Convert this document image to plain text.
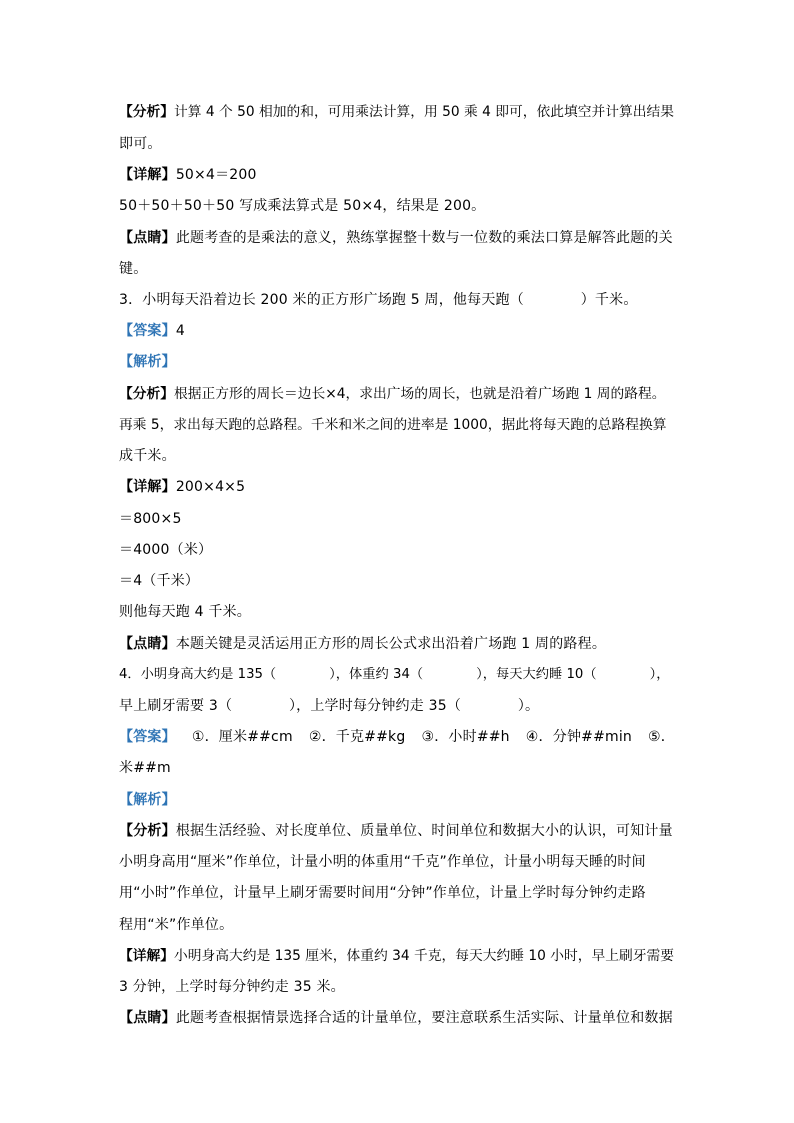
【分析】计算 4 个 50 相加的和，可用乘法计算，用 50 乘 4 即可，依此填空并计算出结果
即可。
【详解】50×4＝200
50＋50＋50＋50 写成乘法算式是 50×4，结果是 200。
【点睛】此题考查的是乘法的意义，熟练掌握整十数与一位数的乘法口算是解答此题的关
键。
3．小明每天沿着边长 200 米的正方形广场跑 5 周，他每天跑（　　　　）千米。
【答案】4
【解析】
【分析】根据正方形的周长＝边长×4，求出广场的周长，也就是沿着广场跑 1 周的路程。
再乘 5，求出每天跑的总路程。千米和米之间的进率是 1000，据此将每天跑的总路程换算
成千米。
【详解】200×4×5
＝800×5
＝4000（米）
＝4（千米）
则他每天跑 4 千米。
【点睛】本题关键是灵活运用正方形的周长公式求出沿着广场跑 1 周的路程。
4．小明身高大约是 135（　　　　），体重约 34（　　　　），每天大约睡 10（　　　　），
早上刷牙需要 3（　　　　），上学时每分钟约走 35（　　　　）。
【答案】 ①．厘米##cm ②．千克##kg ③．小时##h ④．分钟##min ⑤．
米##m
【解析】
【分析】根据生活经验、对长度单位、质量单位、时间单位和数据大小的认识，可知计量
小明身高用“厘米”作单位，计量小明的体重用“千克”作单位，计量小明每天睡的时间
用“小时”作单位，计量早上刷牙需要时间用“分钟”作单位，计量上学时每分钟约走路
程用“米”作单位。
【详解】小明身高大约是 135 厘米，体重约 34 千克，每天大约睡 10 小时，早上刷牙需要
3 分钟，上学时每分钟约走 35 米。
【点睛】此题考查根据情景选择合适的计量单位，要注意联系生活实际、计量单位和数据
